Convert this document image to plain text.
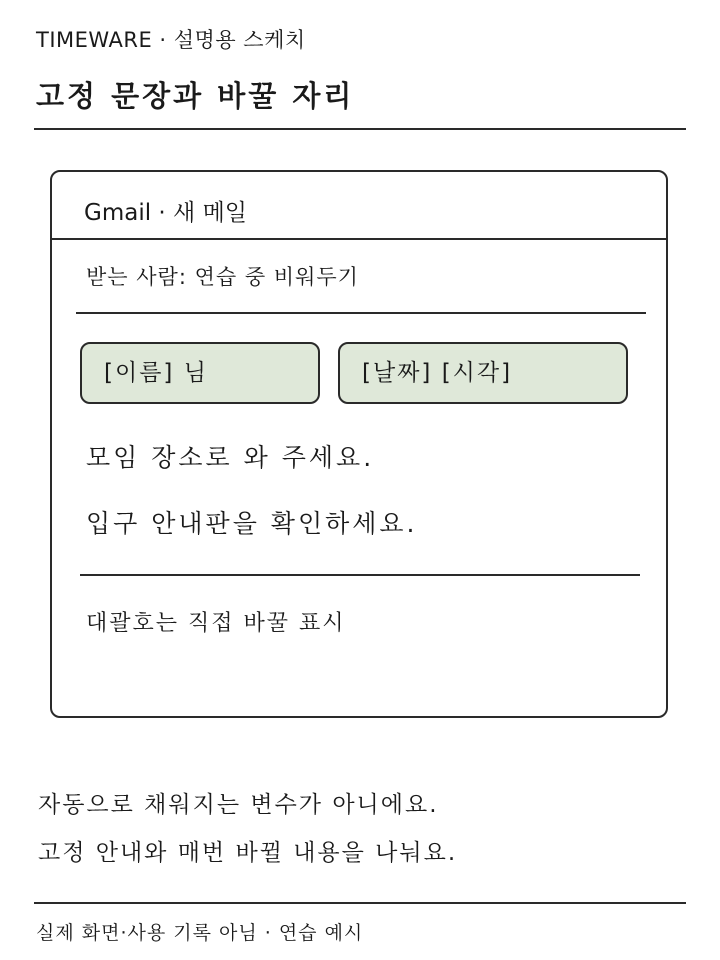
TIMEWARE · 설명용 스케치
고정 문장과 바꿀 자리
Gmail · 새 메일
받는 사람: 연습 중 비워두기
[이름] 님	[날짜] [시각]
모임 장소로 와 주세요.
입구 안내판을 확인하세요.
대괄호는 직접 바꿀 표시
자동으로 채워지는 변수가 아니에요.
고정 안내와 매번 바뀔 내용을 나눠요.
실제 화면·사용 기록 아님 · 연습 예시
